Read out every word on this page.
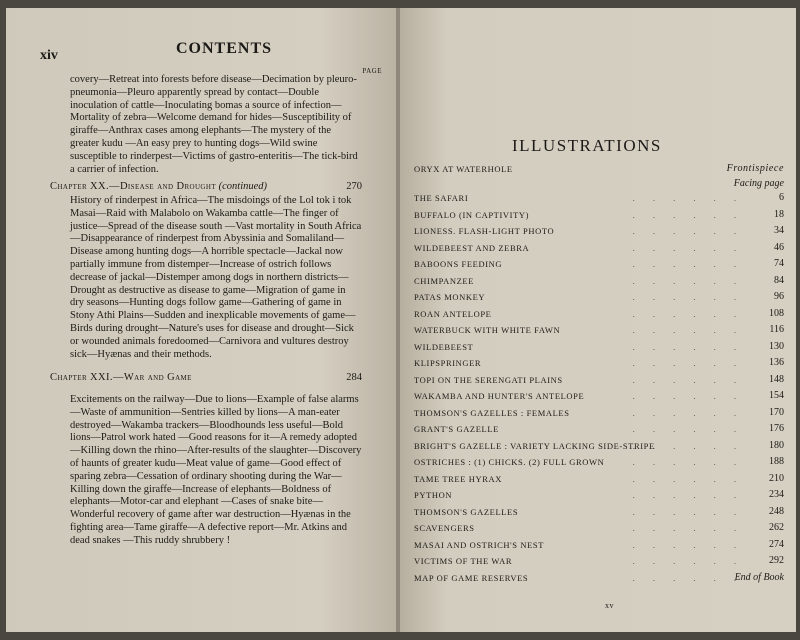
xiv	CONTENTS
PAGE
covery—Retreat into forests before disease—Decimation by pleuro-pneumonia—Pleuro apparently spread by contact—Double inoculation of cattle—Inoculating bomas a source of infection—Mortality of zebra—Welcome demand for hides—Susceptibility of giraffe—Anthrax cases among elephants—The mystery of the greater kudu —An easy prey to hunting dogs—Wild swine susceptible to rinderpest—Victims of gastro-enteritis—The tick-bird a carrier of infection.
Chapter XX.—Disease and Drought (continued)	270
History of rinderpest in Africa—The misdoings of the Lol tok i tok Masai—Raid with Malabolo on Wakamba cattle—The finger of justice—Spread of the disease south —Vast mortality in South Africa—Disappearance of rinderpest from Abyssinia and Somaliland—Disease among hunting dogs—A horrible spectacle—Jackal now partially immune from distemper—Increase of ostrich follows decrease of jackal—Distemper among dogs in northern districts—Drought as destructive as disease to game—Migration of game in dry seasons—Hunting dogs follow game—Gathering of game in Stony Athi Plains—Sudden and inexplicable movements of game—Birds during drought—Nature's uses for disease and drought—Sick or wounded animals foredoomed—Carnivora and vultures destroy sick—Hyænas and their methods.
Chapter XXI.—War and Game	284
Excitements on the railway—Due to lions—Example of false alarms—Waste of ammunition—Sentries killed by lions—A man-eater destroyed—Wakamba trackers—Bloodhounds less useful—Bold lions—Patrol work hated —Good reasons for it—A remedy adopted—Killing down the rhino—After-results of the slaughter—Discovery of haunts of greater kudu—Meat value of game—Good effect of sparing zebra—Cessation of ordinary shooting during the War—Killing down the giraffe—Increase of elephants—Boldness of elephants—Motor-car and elephant —Cases of snake bite—Wonderful recovery of game after war destruction—Hyænas in the fighting area—Tame giraffe—A defective report—Mr. Atkins and dead snakes —This ruddy shrubbery !
ILLUSTRATIONS
ORYX AT WATERHOLE	Frontispiece
Facing page
. . . . . .
THE SAFARI	6
. . . . . .
BUFFALO (IN CAPTIVITY)	18
. . . . . .
LIONESS. FLASH-LIGHT PHOTO	34
. . . . . .
WILDEBEEST AND ZEBRA	46
. . . . . .
BABOONS FEEDING	74
. . . . . .
CHIMPANZEE	84
. . . . . .
PATAS MONKEY	96
. . . . . .
ROAN ANTELOPE	108
. . . . . .
WATERBUCK WITH WHITE FAWN	116
. . . . . .
WILDEBEEST	130
. . . . . .
KLIPSPRINGER	136
. . . . . .
TOPI ON THE SERENGATI PLAINS	148
. . . . . .
WAKAMBA AND HUNTER'S ANTELOPE	154
. . . . . .
THOMSON'S GAZELLES : FEMALES	170
. . . . . .
GRANT'S GAZELLE	176
. . . . . .
BRIGHT'S GAZELLE : VARIETY LACKING SIDE-STRIPE	180
. . . . . .
OSTRICHES : (1) CHICKS. (2) FULL GROWN	188
. . . . . .
TAME TREE HYRAX	210
. . . . . .
PYTHON	234
. . . . . .
THOMSON'S GAZELLES	248
. . . . . .
SCAVENGERS	262
. . . . . .
MASAI AND OSTRICH'S NEST	274
. . . . . .
VICTIMS OF THE WAR	292
. . . . . .
MAP OF GAME RESERVES	End of Book
xv
